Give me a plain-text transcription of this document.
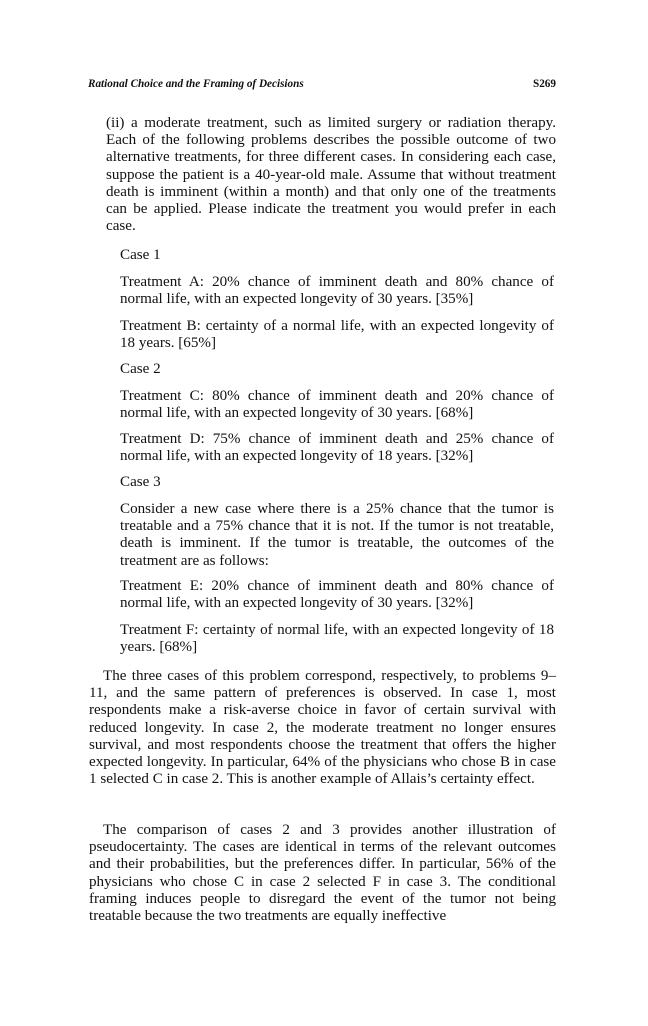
Rational Choice and the Framing of Decisions	S269
(ii) a moderate treatment, such as limited surgery or radiation therapy. Each of the following problems describes the possible outcome of two alternative treatments, for three different cases. In considering each case, suppose the patient is a 40-year-old male. Assume that without treatment death is imminent (within a month) and that only one of the treatments can be applied. Please indicate the treatment you would prefer in each case.
Case 1
Treatment A: 20% chance of imminent death and 80% chance of normal life, with an expected longevity of 30 years. [35%]
Treatment B: certainty of a normal life, with an expected longevity of 18 years. [65%]
Case 2
Treatment C: 80% chance of imminent death and 20% chance of normal life, with an expected longevity of 30 years. [68%]
Treatment D: 75% chance of imminent death and 25% chance of normal life, with an expected longevity of 18 years. [32%]
Case 3
Consider a new case where there is a 25% chance that the tumor is treatable and a 75% chance that it is not. If the tumor is not treatable, death is imminent. If the tumor is treatable, the outcomes of the treatment are as follows:
Treatment E: 20% chance of imminent death and 80% chance of normal life, with an expected longevity of 30 years. [32%]
Treatment F: certainty of normal life, with an expected longevity of 18 years. [68%]
The three cases of this problem correspond, respectively, to problems 9–11, and the same pattern of preferences is observed. In case 1, most respondents make a risk-averse choice in favor of certain survival with reduced longevity. In case 2, the moderate treatment no longer ensures survival, and most respondents choose the treatment that offers the higher expected longevity. In particular, 64% of the physicians who chose B in case 1 selected C in case 2. This is another example of Allais’s certainty effect.
The comparison of cases 2 and 3 provides another illustration of pseudocertainty. The cases are identical in terms of the relevant outcomes and their probabilities, but the preferences differ. In particular, 56% of the physicians who chose C in case 2 selected F in case 3. The conditional framing induces people to disregard the event of the tumor not being treatable because the two treatments are equally ineffective
